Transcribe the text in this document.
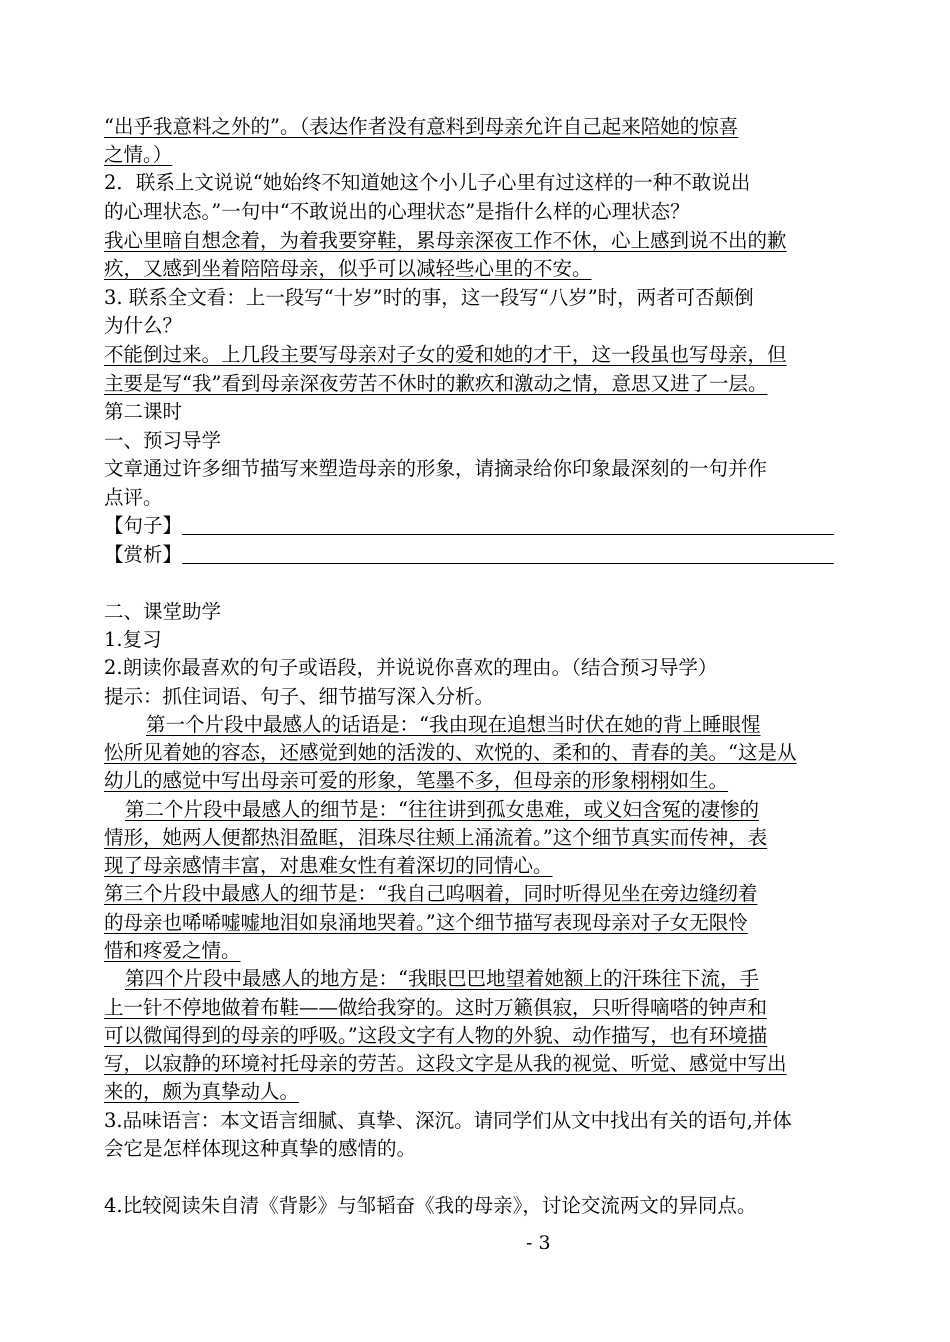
“出乎我意料之外的”。（表达作者没有意料到母亲允许自己起来陪她的惊喜
之情。）
2．联系上文说说“她始终不知道她这个小儿子心里有过这样的一种不敢说出
的心理状态。”一句中“不敢说出的心理状态”是指什么样的心理状态？
我心里暗自想念着，为着我要穿鞋，累母亲深夜工作不休，心上感到说不出的歉
疚，又感到坐着陪陪母亲，似乎可以减轻些心里的不安。
3. 联系全文看：上一段写“十岁”时的事，这一段写“八岁”时，两者可否颠倒
为什么？
不能倒过来。上几段主要写母亲对子女的爱和她的才干，这一段虽也写母亲，但
主要是写“我”看到母亲深夜劳苦不休时的歉疚和激动之情，意思又进了一层。
第二课时
一、预习导学
文章通过许多细节描写来塑造母亲的形象，请摘录给你印象最深刻的一句并作
点评。
【句子】
【赏析】
二、课堂助学
1.复习
2.朗读你最喜欢的句子或语段，并说说你喜欢的理由。（结合预习导学）
提示：抓住词语、句子、细节描写深入分析。
第一个片段中最感人的话语是：“我由现在追想当时伏在她的背上睡眼惺
忪所见着她的容态，还感觉到她的活泼的、欢悦的、柔和的、青春的美。“这是从
幼儿的感觉中写出母亲可爱的形象，笔墨不多，但母亲的形象栩栩如生。
第二个片段中最感人的细节是：“往往讲到孤女患难，或义妇含冤的凄惨的
情形，她两人便都热泪盈眶，泪珠尽往颊上涌流着。”这个细节真实而传神，表
现了母亲感情丰富，对患难女性有着深切的同情心。
第三个片段中最感人的细节是：“我自己呜咽着，同时听得见坐在旁边缝纫着
的母亲也唏唏嘘嘘地泪如泉涌地哭着。”这个细节描写表现母亲对子女无限怜
惜和疼爱之情。
第四个片段中最感人的地方是：“我眼巴巴地望着她额上的汗珠往下流，手
上一针不停地做着布鞋——做给我穿的。这时万籁俱寂，只听得嘀嗒的钟声和
可以微闻得到的母亲的呼吸。”这段文字有人物的外貌、动作描写，也有环境描
写，以寂静的环境衬托母亲的劳苦。这段文字是从我的视觉、听觉、感觉中写出
来的，颇为真挚动人。
3.品味语言：本文语言细腻、真挚、深沉。请同学们从文中找出有关的语句,并体
会它是怎样体现这种真挚的感情的。
4.比较阅读朱自清《背影》与邹韬奋《我的母亲》，讨论交流两文的异同点。
- 3
